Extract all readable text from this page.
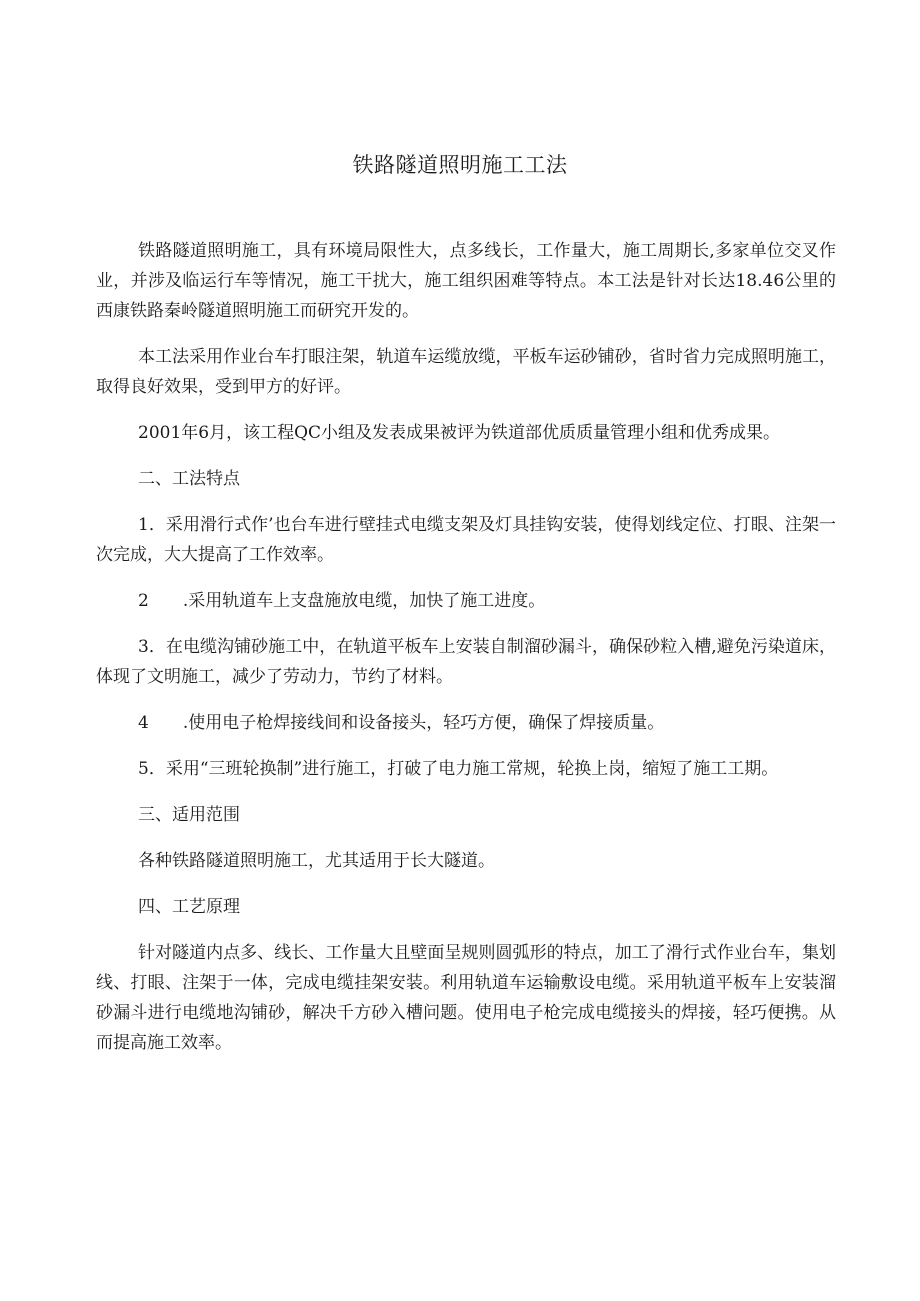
铁路隧道照明施工工法

铁路隧道照明施工，具有环境局限性大，点多线长，工作量大，施工周期长,多家单位交叉作业，并涉及临运行车等情况，施工干扰大，施工组织困难等特点。本工法是针对长达18.46公里的西康铁路秦岭隧道照明施工而研究开发的。

本工法采用作业台车打眼注架，轨道车运缆放缆，平板车运砂铺砂，省时省力完成照明施工，取得良好效果，受到甲方的好评。

2001年6月，该工程QC小组及发表成果被评为铁道部优质质量管理小组和优秀成果。

二、工法特点

1．采用滑行式作’也台车进行壁挂式电缆支架及灯具挂钩安装，使得划线定位、打眼、注架一次完成，大大提高了工作效率。

2　　.采用轨道车上支盘施放电缆，加快了施工进度。

3．在电缆沟铺砂施工中，在轨道平板车上安装自制溜砂漏斗，确保砂粒入槽,避免污染道床，体现了文明施工，减少了劳动力，节约了材料。

4　　.使用电子枪焊接线间和设备接头，轻巧方便，确保了焊接质量。

5．采用“三班轮换制”进行施工，打破了电力施工常规，轮换上岗，缩短了施工工期。

三、适用范围

各种铁路隧道照明施工，尤其适用于长大隧道。

四、工艺原理

针对隧道内点多、线长、工作量大且壁面呈规则圆弧形的特点，加工了滑行式作业台车，集划线、打眼、注架于一体，完成电缆挂架安装。利用轨道车运输敷设电缆。采用轨道平板车上安装溜砂漏斗进行电缆地沟铺砂，解决千方砂入槽问题。使用电子枪完成电缆接头的焊接，轻巧便携。从而提高施工效率。
